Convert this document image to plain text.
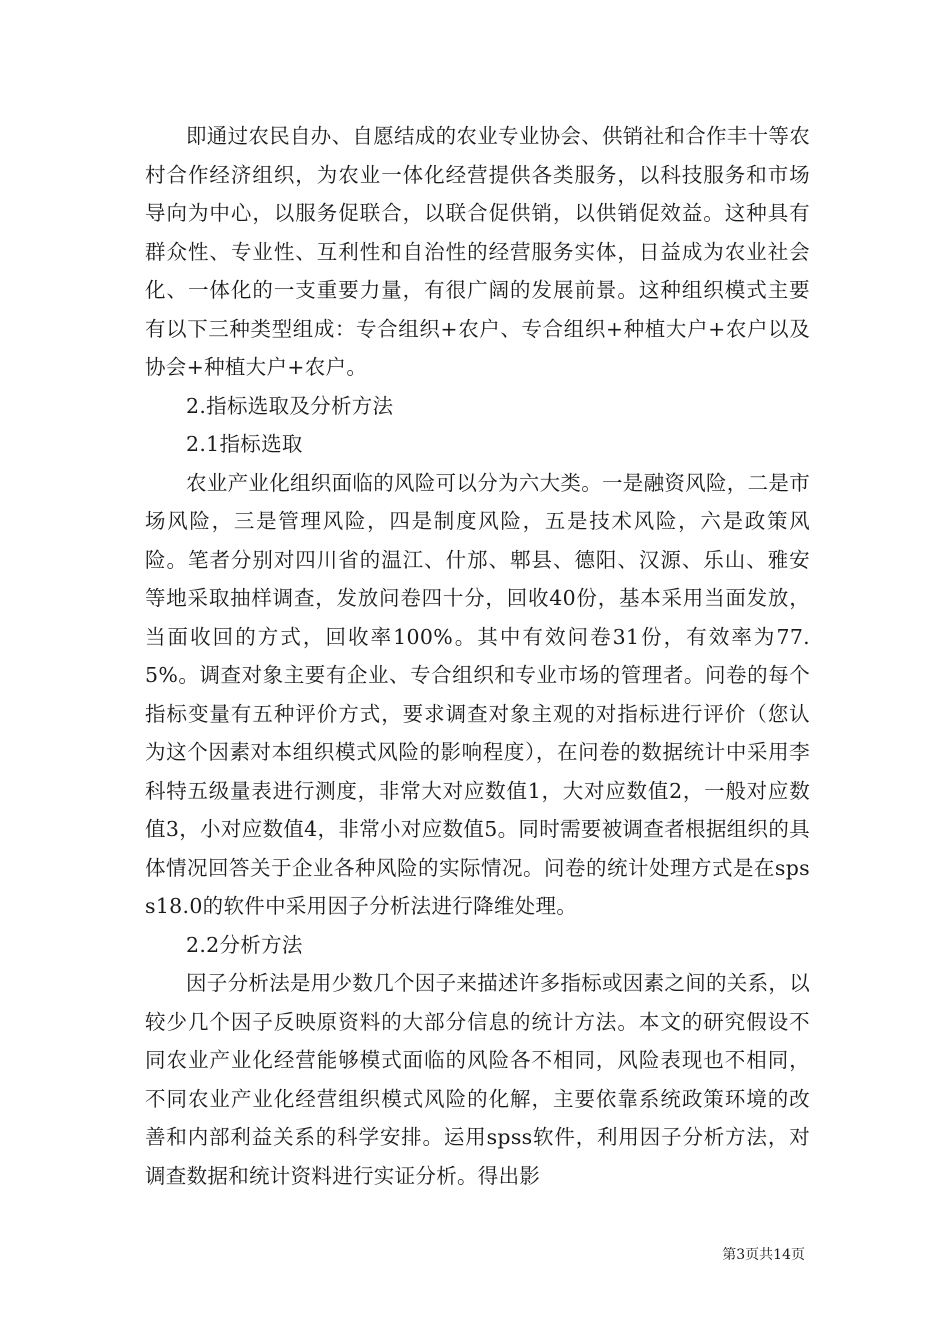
即通过农民自办、自愿结成的农业专业协会、供销社和合作丰十等农村合作经济组织，为农业一体化经营提供各类服务，以科技服务和市场导向为中心，以服务促联合，以联合促供销，以供销促效益。这种具有群众性、专业性、互利性和自治性的经营服务实体，日益成为农业社会化、一体化的一支重要力量，有很广阔的发展前景。这种组织模式主要有以下三种类型组成：专合组织+农户、专合组织+种植大户+农户以及协会+种植大户+农户。

2.指标选取及分析方法

2.1指标选取

农业产业化组织面临的风险可以分为六大类。一是融资风险，二是市场风险，三是管理风险，四是制度风险，五是技术风险，六是政策风险。笔者分别对四川省的温江、什邡、郫县、德阳、汉源、乐山、雅安等地采取抽样调查，发放问卷四十分，回收40份，基本采用当面发放，当面收回的方式，回收率100%。其中有效问卷31份，有效率为77.5%。调查对象主要有企业、专合组织和专业市场的管理者。问卷的每个指标变量有五种评价方式，要求调查对象主观的对指标进行评价（您认为这个因素对本组织模式风险的影响程度），在问卷的数据统计中采用李科特五级量表进行测度，非常大对应数值1，大对应数值2，一般对应数值3，小对应数值4，非常小对应数值5。同时需要被调查者根据组织的具体情况回答关于企业各种风险的实际情况。问卷的统计处理方式是在spss18.0的软件中采用因子分析法进行降维处理。

2.2分析方法

因子分析法是用少数几个因子来描述许多指标或因素之间的关系，以较少几个因子反映原资料的大部分信息的统计方法。本文的研究假设不同农业产业化经营能够模式面临的风险各不相同，风险表现也不相同，不同农业产业化经营组织模式风险的化解，主要依靠系统政策环境的改善和内部利益关系的科学安排。运用spss软件，利用因子分析方法，对调查数据和统计资料进行实证分析。得出影

第3页共14页
